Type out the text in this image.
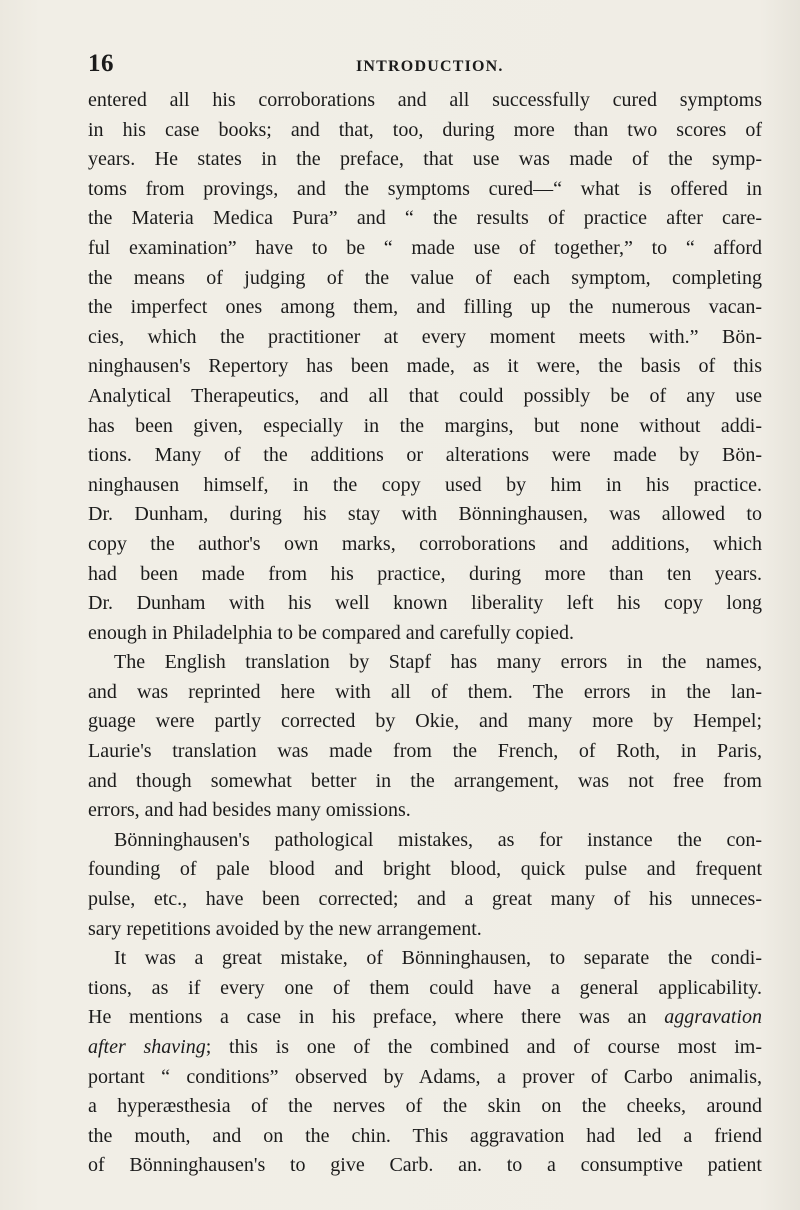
16	INTRODUCTION.
entered all his corroborations and all successfully cured symptoms
in his case books; and that, too, during more than two scores of
years. He states in the preface, that use was made of the symp-
toms from provings, and the symptoms cured—“ what is offered in
the Materia Medica Pura” and “ the results of practice after care-
ful examination” have to be “ made use of together,” to “ afford
the means of judging of the value of each symptom, completing
the imperfect ones among them, and filling up the numerous vacan-
cies, which the practitioner at every moment meets with.” Bön-
ninghausen's Repertory has been made, as it were, the basis of this
Analytical Therapeutics, and all that could possibly be of any use
has been given, especially in the margins, but none without addi-
tions. Many of the additions or alterations were made by Bön-
ninghausen himself, in the copy used by him in his practice.
Dr. Dunham, during his stay with Bönninghausen, was allowed to
copy the author's own marks, corroborations and additions, which
had been made from his practice, during more than ten years.
Dr. Dunham with his well known liberality left his copy long
enough in Philadelphia to be compared and carefully copied.
The English translation by Stapf has many errors in the names,
and was reprinted here with all of them. The errors in the lan-
guage were partly corrected by Okie, and many more by Hempel;
Laurie's translation was made from the French, of Roth, in Paris,
and though somewhat better in the arrangement, was not free from
errors, and had besides many omissions.
Bönninghausen's pathological mistakes, as for instance the con-
founding of pale blood and bright blood, quick pulse and frequent
pulse, etc., have been corrected; and a great many of his unneces-
sary repetitions avoided by the new arrangement.
It was a great mistake, of Bönninghausen, to separate the condi-
tions, as if every one of them could have a general applicability.
He mentions a case in his preface, where there was an aggravation
after shaving; this is one of the combined and of course most im-
portant “ conditions” observed by Adams, a prover of Carbo animalis,
a hyperæsthesia of the nerves of the skin on the cheeks, around
the mouth, and on the chin. This aggravation had led a friend
of Bönninghausen's to give Carb. an. to a consumptive patient
